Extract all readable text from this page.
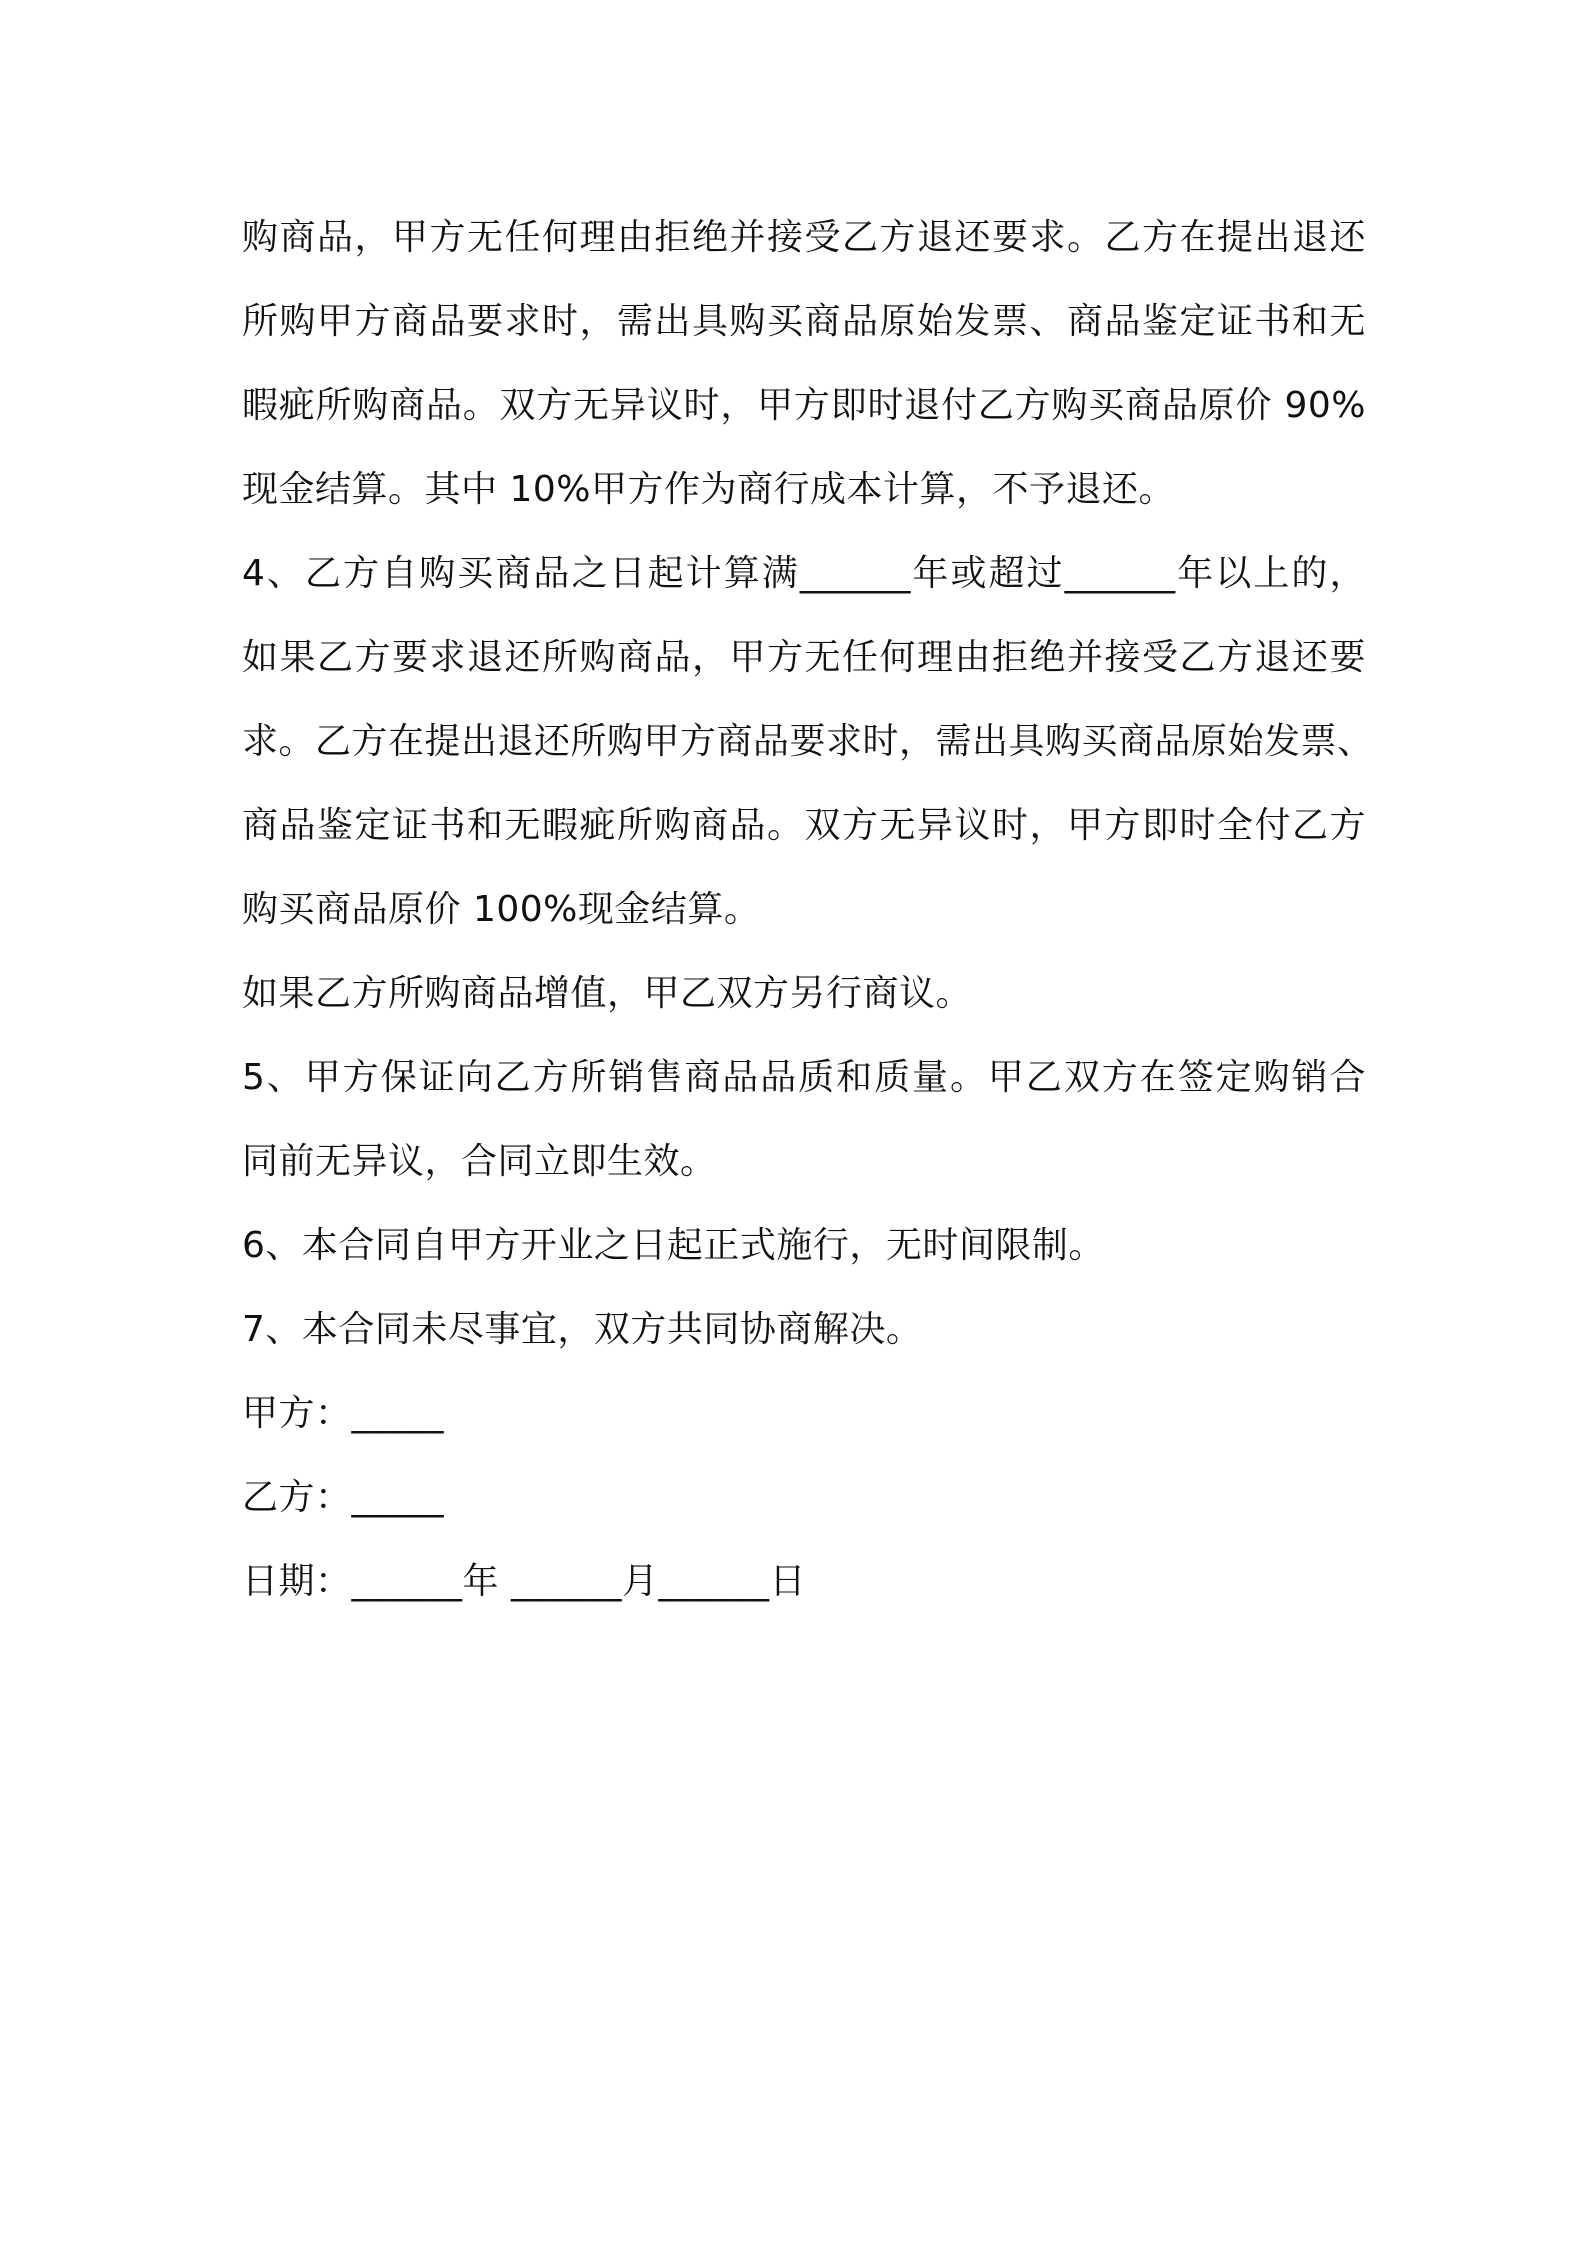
购商品，甲方无任何理由拒绝并接受乙方退还要求。乙方在提出退还
所购甲方商品要求时，需出具购买商品原始发票、商品鉴定证书和无
暇疵所购商品。双方无异议时，甲方即时退付乙方购买商品原价 90%
现金结算。其中 10%甲方作为商行成本计算，不予退还。
4、乙方自购买商品之日起计算满______年或超过______年以上的，
如果乙方要求退还所购商品，甲方无任何理由拒绝并接受乙方退还要
求。乙方在提出退还所购甲方商品要求时，需出具购买商品原始发票、
商品鉴定证书和无暇疵所购商品。双方无异议时，甲方即时全付乙方
购买商品原价 100%现金结算。
如果乙方所购商品增值，甲乙双方另行商议。
5、甲方保证向乙方所销售商品品质和质量。甲乙双方在签定购销合
同前无异议，合同立即生效。
6、本合同自甲方开业之日起正式施行，无时间限制。
7、本合同未尽事宜，双方共同协商解决。
甲方：_____
乙方：_____
日期：______年 ______月______日
